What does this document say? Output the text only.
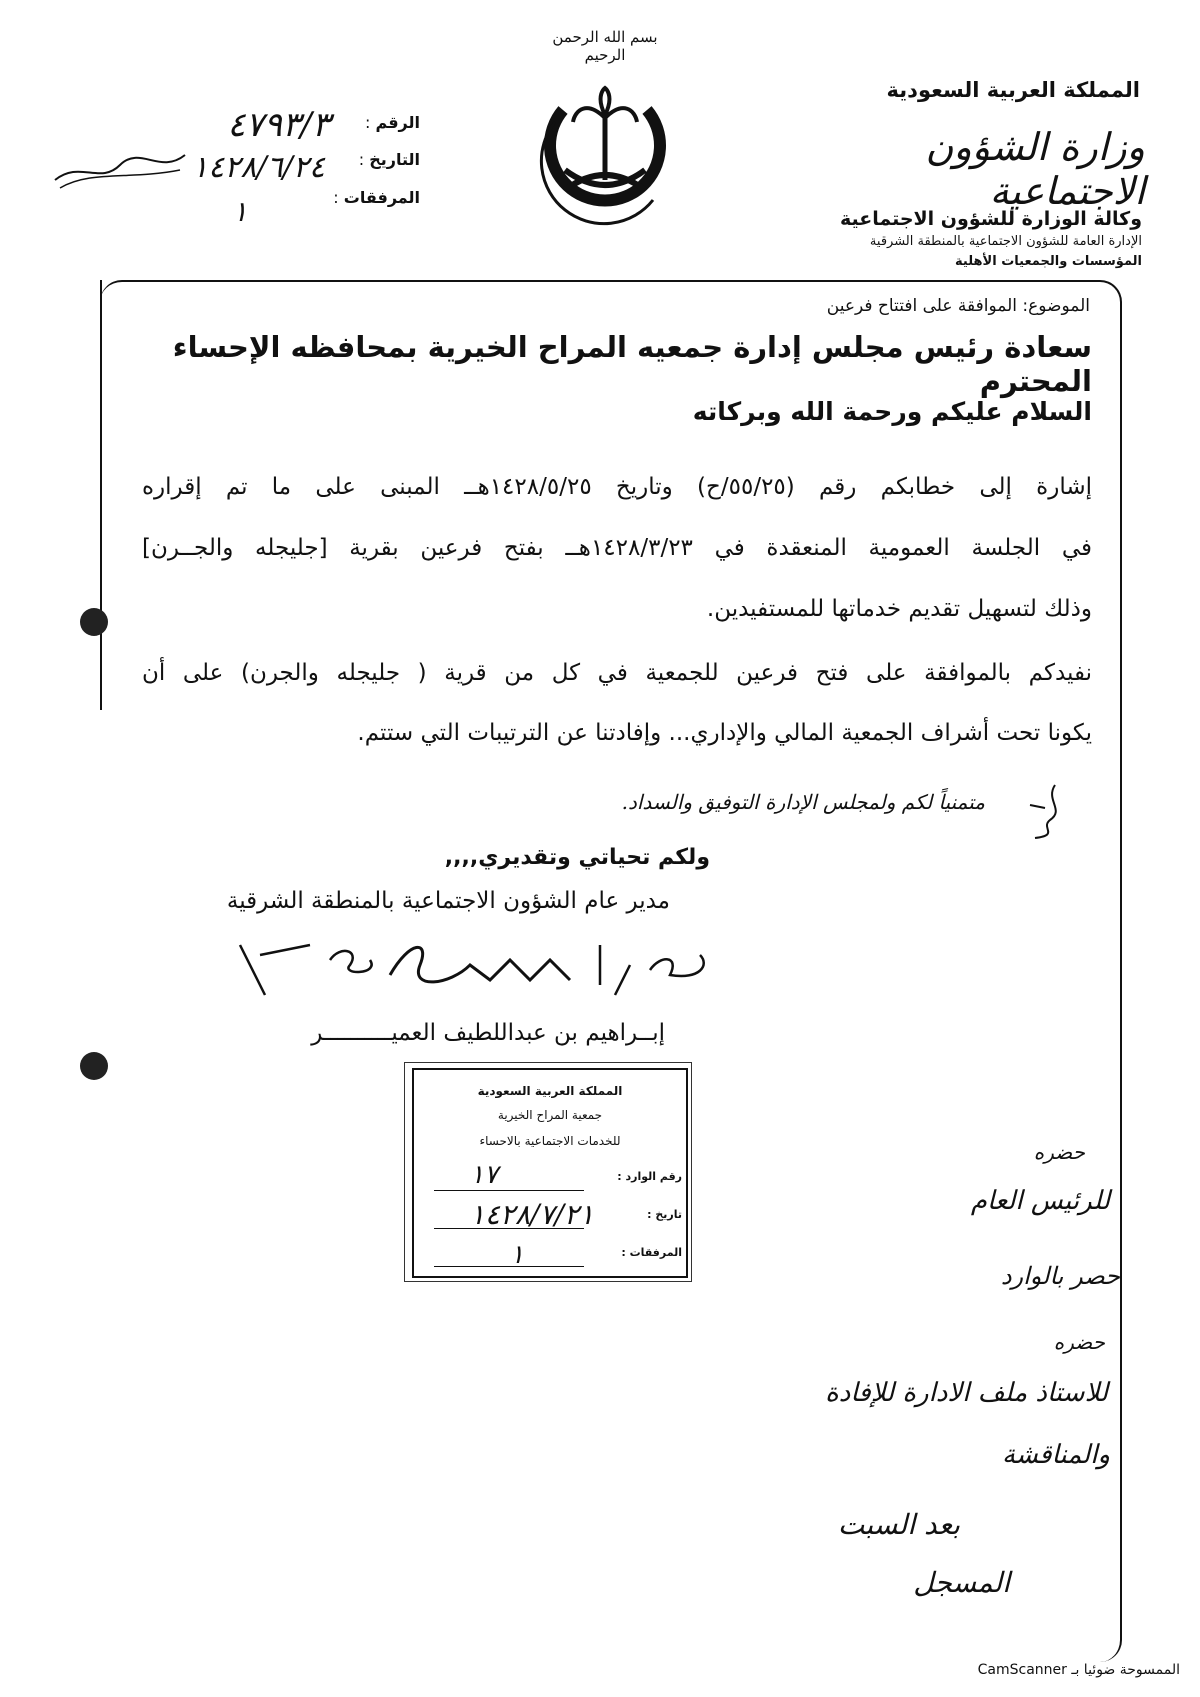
بسم الله الرحمن الرحيم
المملكة العربية السعودية
وزارة الشؤون الاجتماعية
وكالة الوزارة للشؤون الاجتماعية
الإدارة العامة للشؤون الاجتماعية بالمنطقة الشرقية
المؤسسات والجمعيات الأهلية
الرقم :
التاريخ :
المرفقات :
٤٧٩٣/٣
١٤٢٨/٦/٢٤
١
الموضوع: الموافقة على افتتاح فرعين
سعادة رئيس مجلس إدارة جمعيه المراح الخيرية بمحافظه الإحساء المحترم
السلام عليكم ورحمة الله وبركاته
إشارة إلى خطابكم رقم (٥٥/٢٥/ح) وتاريخ ١٤٢٨/٥/٢٥هــ المبنى على ما تم إقراره
في الجلسة العمومية المنعقدة في ١٤٢٨/٣/٢٣هــ بفتح فرعين بقرية [جليجله والجــرن]
وذلك لتسهيل تقديم خدماتها للمستفيدين.
نفيدكم بالموافقة على فتح فرعين للجمعية في كل من قرية ( جليجله والجرن) على أن
يكونا تحت أشراف الجمعية المالي والإداري... وإفادتنا عن الترتيبات التي ستتم.
متمنياً لكم ولمجلس الإدارة التوفيق والسداد.
ولكم تحياتي وتقديري,,,,
مدير عام الشؤون الاجتماعية بالمنطقة الشرقية
إبــراهيم بن عبداللطيف العميــــــــــر
المملكة العربية السعودية
جمعية المراح الخيرية
للخدمات الاجتماعية بالاحساء
رقم الوارد :
تاريخ :
المرفقات :
١٧
١٤٢٨/٧/٢١
١
حضره
للرئيس العام
حصر بالوارد
حضره
للاستاذ ملف الادارة للإفادة
والمناقشة
بعد السبت
المسجل
الممسوحة ضوئيا بـ CamScanner
